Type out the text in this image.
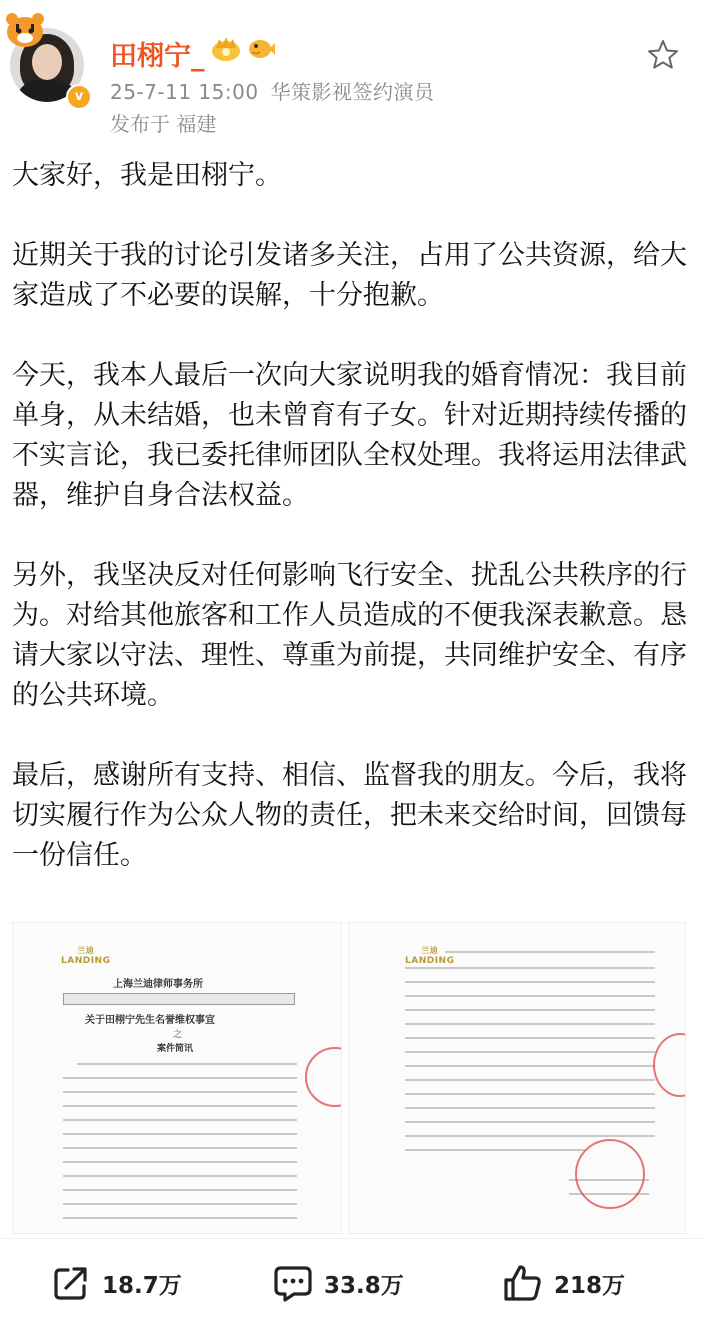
v
田栩宁_
25-7-11 15:00 华策影视签约演员
发布于 福建

大家好，我是田栩宁。

近期关于我的讨论引发诸多关注，占用了公共资源，给大家造成了不必要的误解，十分抱歉。

今天，我本人最后一次向大家说明我的婚育情况：我目前单身，从未结婚，也未曾育有子女。针对近期持续传播的不实言论，我已委托律师团队全权处理。我将运用法律武器，维护自身合法权益。

另外，我坚决反对任何影响飞行安全、扰乱公共秩序的行为。对给其他旅客和工作人员造成的不便我深表歉意。恳请大家以守法、理性、尊重为前提，共同维护安全、有序的公共环境。

最后，感谢所有支持、相信、监督我的朋友。今后，我将切实履行作为公众人物的责任，把未来交给时间，回馈每一份信任。

兰迪
LANDING
上海兰迪律师事务所
关于田栩宁先生名誉维权事宜
之
案件简讯
兰迪
LANDING
18.7万	33.8万	218万
